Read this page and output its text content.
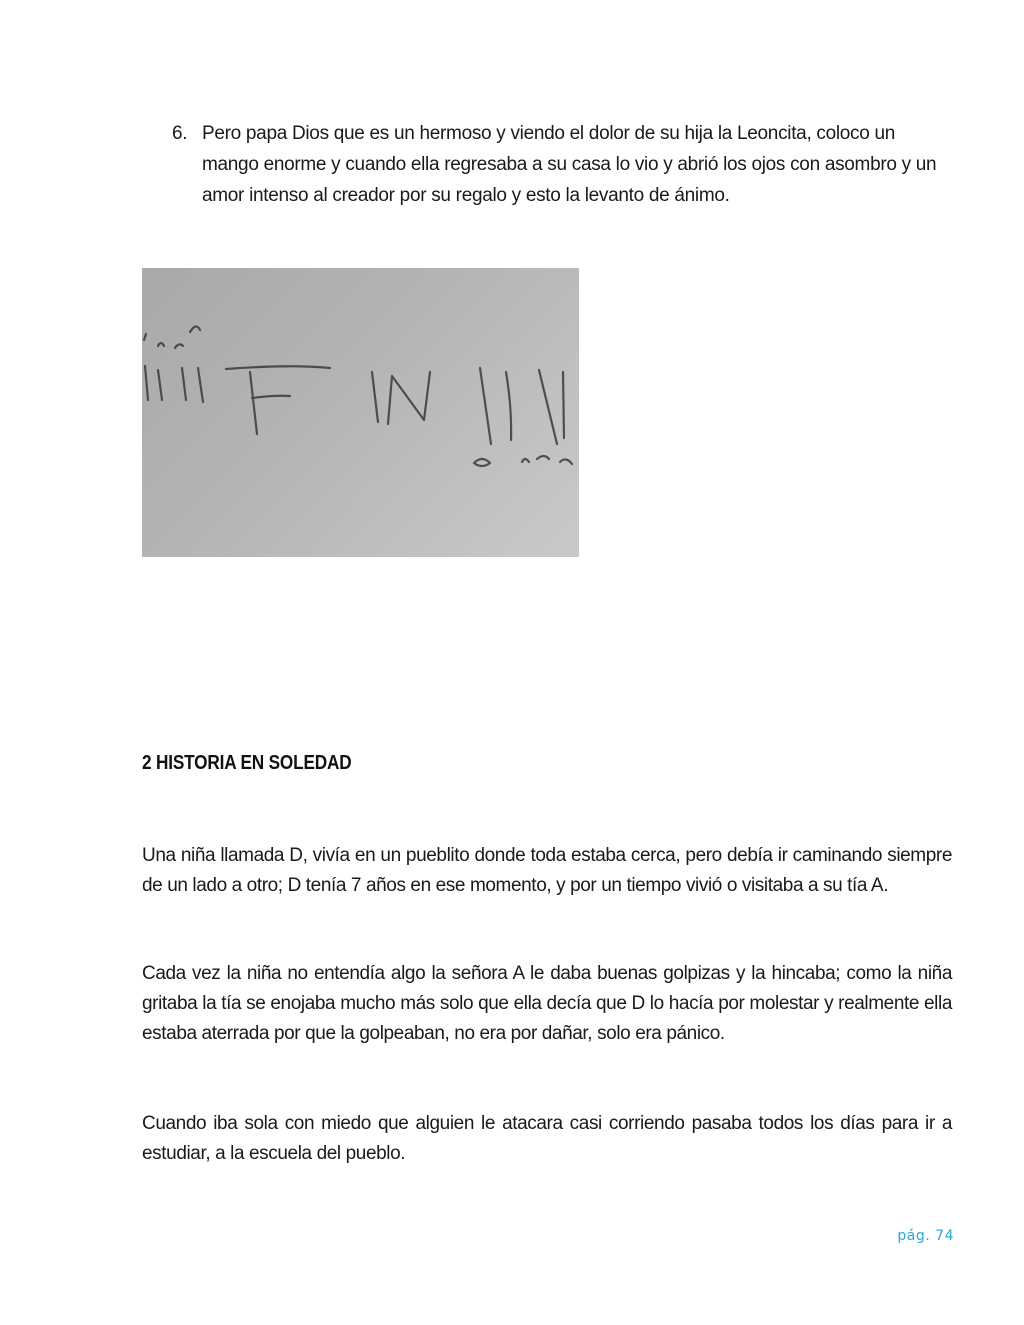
6. Pero papa Dios que es un hermoso y viendo el dolor de su hija la Leoncita, coloco un mango enorme y cuando ella regresaba a su casa lo vio y abrió los ojos con asombro y un amor intenso al creador por su regalo y esto la levanto de ánimo.
2 HISTORIA EN SOLEDAD

Una niña llamada D, vivía en un pueblito donde toda estaba cerca, pero debía ir caminando siempre de un lado a otro; D tenía 7 años en ese momento, y por un tiempo vivió o visitaba a su tía A.

Cada vez la niña no entendía algo la señora A le daba buenas golpizas y la hincaba; como la niña gritaba la tía se enojaba mucho más solo que ella decía que D lo hacía por molestar y realmente ella estaba aterrada por que la golpeaban, no era por dañar, solo era pánico.

Cuando iba sola con miedo que alguien le atacara casi corriendo pasaba todos los días para ir a estudiar, a la escuela del pueblo.

pág. 74
